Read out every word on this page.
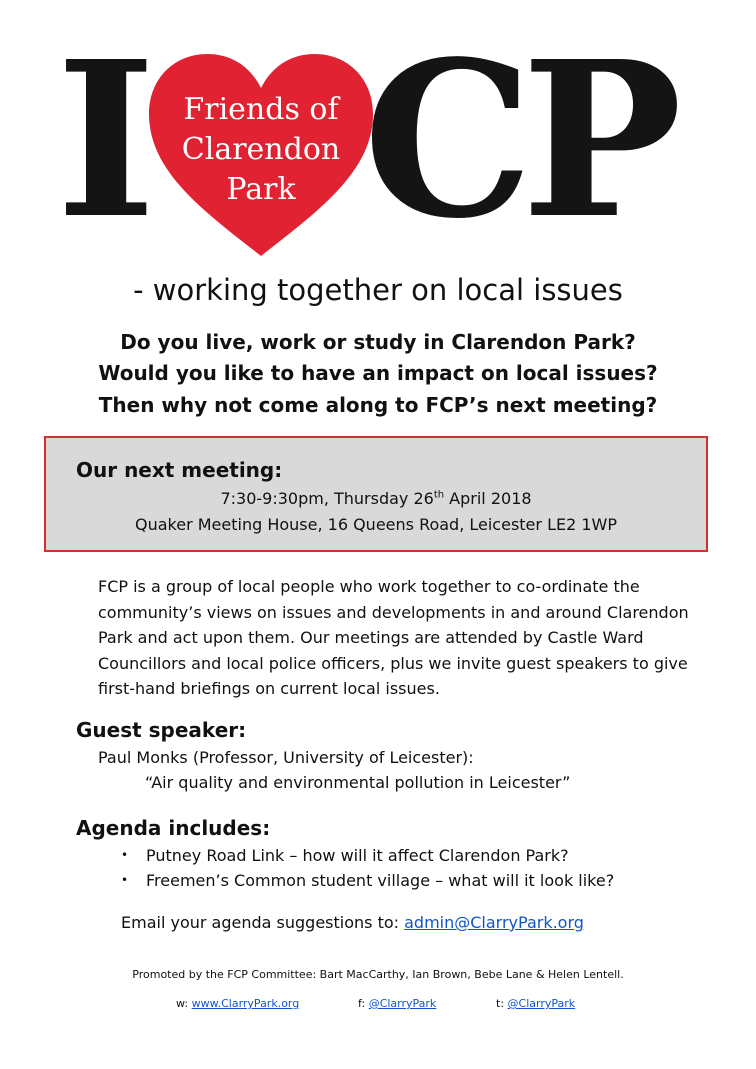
I	Friends of
Clarendon
Park CP
- working together on local issues
Do you live, work or study in Clarendon Park?
Would you like to have an impact on local issues?
Then why not come along to FCP’s next meeting?
Our next meeting:
7:30-9:30pm, Thursday 26th April 2018
Quaker Meeting House, 16 Queens Road, Leicester LE2 1WP
FCP is a group of local people who work together to co-ordinate the community’s views on issues and developments in and around Clarendon Park and act upon them. Our meetings are attended by Castle Ward Councillors and local police officers, plus we invite guest speakers to give first-hand briefings on current local issues.
Guest speaker:
Paul Monks (Professor, University of Leicester):
“Air quality and environmental pollution in Leicester”
Agenda includes:
• Putney Road Link – how will it affect Clarendon Park?
• Freemen’s Common student village – what will it look like?
Email your agenda suggestions to: admin@ClarryPark.org
Promoted by the FCP Committee: Bart MacCarthy, Ian Brown, Bebe Lane & Helen Lentell.
w: www.ClarryPark.org	f: @ClarryPark	t: @ClarryPark
